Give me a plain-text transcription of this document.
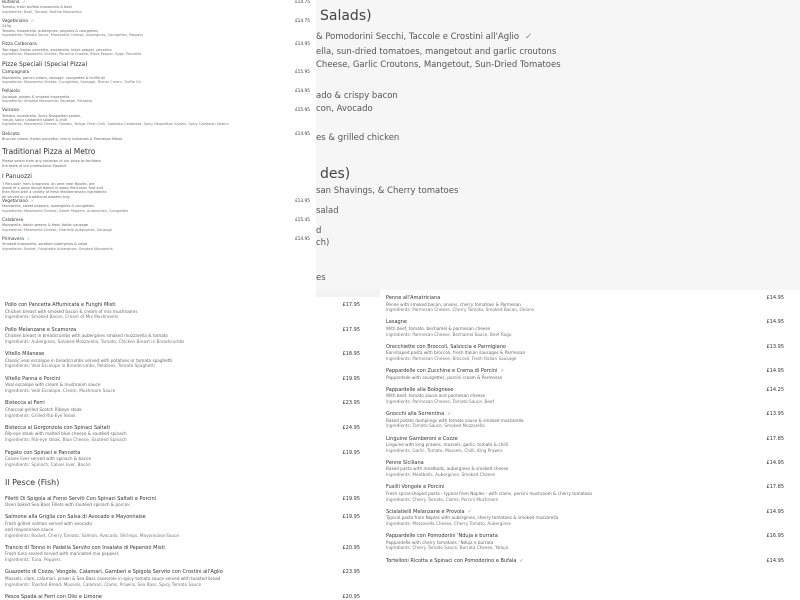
Bufalina ✓	£14.75
Tomato, fresh buffalo mozzarella & basil
Ingredients: Basil, Tomato, Buffalo Mozzarella
Vegetariana ✓	£14.75
250g
Tomato, mozzarella, aubergines, peppers & courgettes
Ingredients: Tomato Sauce, Mozzarella Cheese, Aubergines, Courgettes, Peppers
Pizza Carbonara	£14.95
Two eggs, Italian pancetta, mozzarella, black pepper, pecorino
Ingredients: Mozzarella Cheese, Pecorino Cheese, Black Pepper, Eggs, Pancetta
Pizze Speciali (Special Pizza)
Campagnola	£15.95
Mozzarella, porcini cream, sausage, courgettes & truffle oil
Ingredients: Mozzarella Cheese, Courgettes, Sausage, Porcini Cream, Truffle Oil
Pollaiola	£14.95
Sausage, potato & smoked mozzarella
Ingredients: Smoked Mozzarella, Sausage, Potatoes
Vulcano	£15.95
Tomato, mozzarella, Spicy Neapolitan salami,
'nduja, spicy Calabrian salami & chilli
Ingredients: Mozzarella Cheese, Tomato, 'Nduja, Fresh Chili, Spianata Calabrese, Spicy Neapolitan Salami, Spicy Calabrian Salami
Delicata	£14.95
Broccoli cream, Italian pancetta, cherry tomatoes & Parmesan flakes
Traditional Pizza al Metro
Please select from any variation of our pizza to facilitate
the taste of our professional Pizzaioli
I Panuozzi
'I Panuozzi' from Gragnano, an area near Naples, are
made of a pizza dough baked in wood-fired oven first and
then filled with a variety of fresh Mediterranean ingredients
all served on a traditional wooden tray
Vegetariano ✓	£13.95
Mozzarella, sweet peppers, aubergines & courgettes
Ingredients: Mozzarella Cheese, Sweet Peppers, Aubergines, Courgettes
Calabrese	£15.45
Mozzarella, Italian greens & fresh Italian sausage
Ingredients: Mozzarella Cheese, Friarielle Aubergines, Sausage
Primavera ✓	£14.95
Smoked mozzarella, sautéed aubergines & salad
Ingredients: Rocket, Funghetto Aubergines, Smoked Mozzarella
Salads)
& Pomodorini Secchi, Taccole e Crostini all'Aglio ✓
ella, sun-dried tomatoes, mangetout and garlic croutons
Cheese, Garlic Croutons, Mangetout, Sun-Dried Tomatoes
ado & crispy bacon
con, Avocado
es & grilled chicken
des)
san Shavings, & Cherry tomatoes
salad
d
ch)
es
Pollo con Pancetta Affumicata e Funghi Misti	£17.95
Chicken breast with smoked bacon & cream of mix mushrooms
Ingredients: Smoked Bacon, Cream of Mix Mushrooms
Pollo Melanzane e Scamorza	£17.95
Chicken breast in breadcrumbs with aubergines smoked mozzarella & tomato
Ingredients: Aubergines, Smoked Mozzarella, Tomato, Chicken Breast in Breadcrumbs
Vitello Milanese	£18.95
Classic veal escalope in breadcrumbs served with potatoes or tomato spaghetti
Ingredients: Veal Escalope in Breadcrumbs, Potatoes, Tomato Spaghetti
Vitello Panna e Porcini	£19.95
Veal escalope with cream & mushroom sauce
Ingredients: Veal Escalope, Cream, Mushroom Sauce
Bistecca ai Ferri	£23.95
Charcoal-grilled Scotch Ribeye steak
Ingredients: Grilled Rib-Eye Steak
Bistecca al Gorgonzola con Spinaci Saltati	£24.95
Rib-eye steak with melted blue cheese & sautéed spinach
Ingredients: Rib-eye steak, Blue Cheese, Sautéed Spinach
Fegato con Spinaci e Pancetta	£19.95
Calves liver served with spinach & bacon
Ingredients: Spinach, Calves liver, Bacon
Il Pesce (Fish)
Filetti Di Spigola al Forno Serviti Con Spinaci Saltati e Porcini	£19.95
Oven baked Sea Bass Fillets with sautéed spinach & porcini
Salmone alla Griglia con Salsa di Avocado e Mayonnaise	£19.95
Fresh grilled salmon served with avocado
and mayonnaise sauce
Ingredients: Rocket, Cherry Tomato, Salmon, Avocado, Shrimps, Mayonnaise Sauce
Trancio di Tonno in Padella Servito con Insalata di Peperoni Misti	£20.95
Fresh tuna seared served with marinated mix peppers
Ingredients: Tuna, Peppers
Guazzetto di Cozze, Vongole, Calamari, Gamberi e Spigola Servito con Crostini all'Aglio	£23.95
Mussels, clam, calamari, prawn & Sea Bass casserole in spicy tomato sauce served with toasted bread
Ingredients: Toasted Bread, Mussels, Calamari, Clams, Prawns, Sea Bass, Spicy Tomato Sauce
Pesce Spada ai Ferri con Olio e Limone	£20.95
Penne all'Amatriciana	£14.95
Penne with smoked bacon, onions, cherry tomatoes & Parmesan
Ingredients: Parmesan Cheese, Cherry Tomato, Smoked Bacon, Onions
Lasagne	£14.95
With beef, tomato, bechamel & parmesan cheese
Ingredients: Parmesan Cheese, Bechamel Sauce, Beef Ragu
Orecchiette con Broccoli, Salsiccia e Parmigiano	£13.95
Ear-shaped pasta with broccoli, fresh Italian sausages & Parmesan
Ingredients: Parmesan Cheese, Broccoli, Fresh Italian Sausage
Pappardelle con Zucchine e Crema di Porcini ✓	£14.95
Pappardelle with courgettes, porcini cream & Parmesan
Pappardelle alla Bolognese	£14.25
With beef, tomato sauce and parmesan cheese
Ingredients: Parmesan Cheese, Tomato Sauce, Beef
Gnocchi alla Sorrentina ✓	£13.95
Baked potato dumplings with tomato sauce & smoked mozzarella
Ingredients: Tomato Sauce, Smoked Mozzarella
Linguine Gamberoni e Cozze	£17.85
Linguine with king prawns, mussels, garlic, tomato & chilli
Ingredients: Garlic, Tomato, Mussels, Chilli, King Prawns
Penne Siciliana	£14.95
Baked pasta with meatballs, aubergines & smoked cheese
Ingredients: Meatballs, Aubergines, Smoked Cheese
Fusilli Vongole e Porcini	£17.85
Fresh spiral-shaped pasta - typical from Naples - with clams, porcini mushroom & cherry tomatoes
Ingredients: Cherry Tomato, Clams, Porcini Mushroom
Scialatielli Melanzane e Provola ✓	£14.95
Typical pasta from Naples with aubergines, cherry tomatoes & smoked mozzarella
Ingredients: Mozzarella Cheese, Cherry Tomato, Aubergines
Pappardelle con Pomodorini 'Nduja e burrata	£16.95
Pappardelle with cherry tomatoes, 'Nduja e burrata
Ingredients: Cherry Tomato Sauce, Burrata Cheese, 'Nduja
Tortelloni Ricotta e Spinaci con Pomodorino e Bufala ✓	£14.95
